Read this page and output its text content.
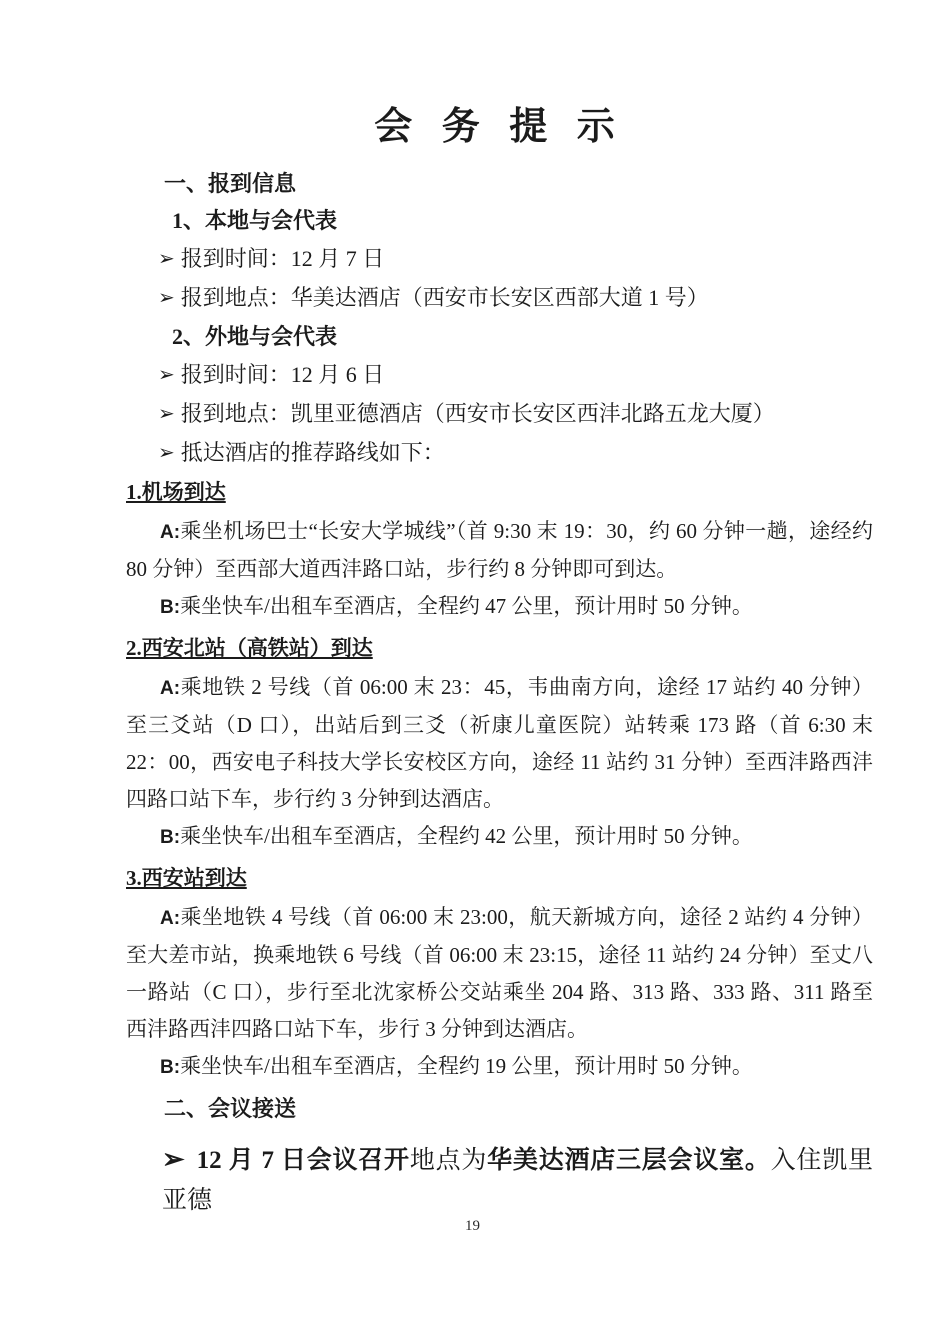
会 务 提 示

一、报到信息

1、本地与会代表

➢ 报到时间：12 月 7 日

➢ 报到地点：华美达酒店（西安市长安区西部大道 1 号）

2、外地与会代表

➢ 报到时间：12 月 6 日

➢ 报到地点：凯里亚德酒店（西安市长安区西沣北路五龙大厦）

➢ 抵达酒店的推荐路线如下：

1.机场到达

A:乘坐机场巴士“长安大学城线”（首 9:30 末 19：30，约 60 分钟一趟，途经约 80 分钟）至西部大道西沣路口站，步行约 8 分钟即可到达。

B:乘坐快车/出租车至酒店，全程约 47 公里，预计用时 50 分钟。

2.西安北站（高铁站）到达

A:乘地铁 2 号线（首 06:00 末 23：45，韦曲南方向，途经 17 站约 40 分钟）至三爻站（D 口），出站后到三爻（祈康儿童医院）站转乘 173 路（首 6:30 末 22：00，西安电子科技大学长安校区方向，途经 11 站约 31 分钟）至西沣路西沣四路口站下车，步行约 3 分钟到达酒店。

B:乘坐快车/出租车至酒店，全程约 42 公里，预计用时 50 分钟。

3.西安站到达

A:乘坐地铁 4 号线（首 06:00 末 23:00，航天新城方向，途径 2 站约 4 分钟）至大差市站，换乘地铁 6 号线（首 06:00 末 23:15，途径 11 站约 24 分钟）至丈八一路站（C 口），步行至北沈家桥公交站乘坐 204 路、313 路、333 路、311 路至西沣路西沣四路口站下车，步行 3 分钟到达酒店。

B:乘坐快车/出租车至酒店，全程约 19 公里，预计用时 50 分钟。

二、会议接送

➢ 12 月 7 日会议召开地点为华美达酒店三层会议室。入住凯里亚德

19
